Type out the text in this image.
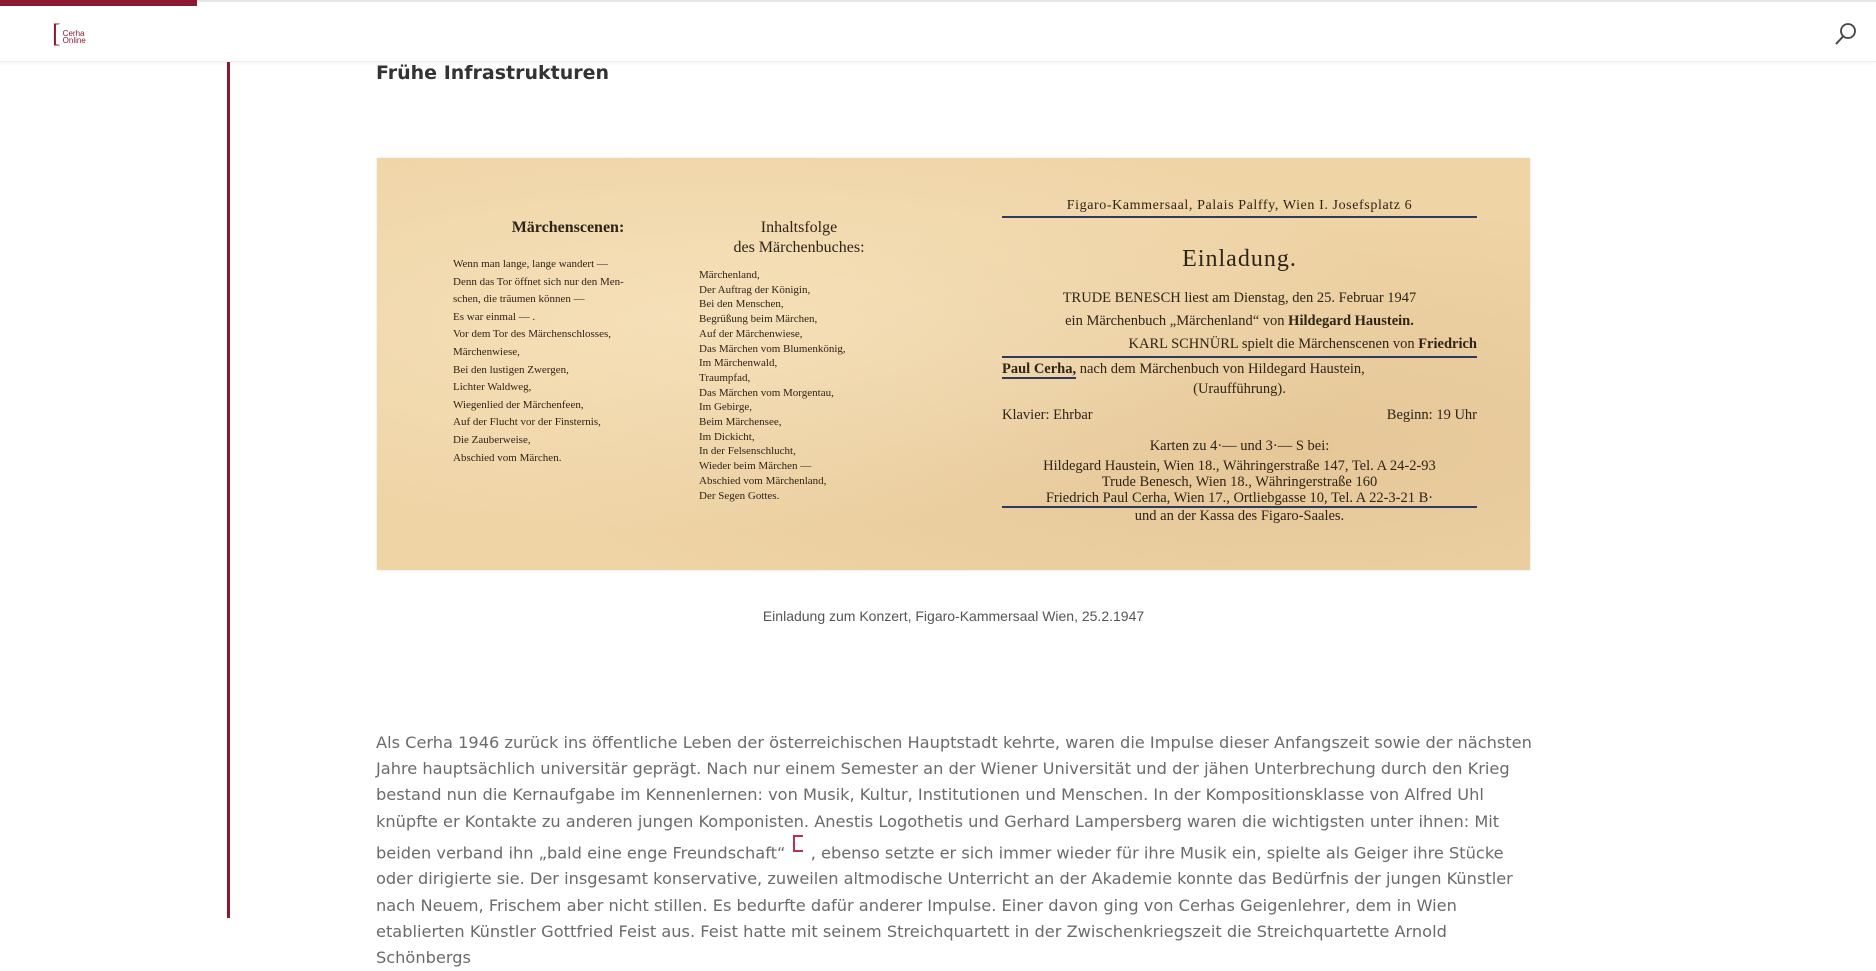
[ Cerha
Online
Frühe Infrastrukturen
Märchenscenen:
Wenn man lange, lange wandert —
Denn das Tor öffnet sich nur den Men-
schen, die träumen können —
Es war einmal — .
Vor dem Tor des Märchenschlosses,
Märchenwiese,
Bei den lustigen Zwergen,
Lichter Waldweg,
Wiegenlied der Märchenfeen,
Auf der Flucht vor der Finsternis,
Die Zauberweise,
Abschied vom Märchen.
Inhaltsfolge
des Märchenbuches:
Märchenland,
Der Auftrag der Königin,
Bei den Menschen,
Begrüßung beim Märchen,
Auf der Märchenwiese,
Das Märchen vom Blumenkönig,
Im Märchenwald,
Traumpfad,
Das Märchen vom Morgentau,
Im Gebirge,
Beim Märchensee,
Im Dickicht,
In der Felsenschlucht,
Wieder beim Märchen —
Abschied vom Märchenland,
Der Segen Gottes.
Figaro-Kammersaal, Palais Palffy, Wien I. Josefsplatz 6
Einladung.
TRUDE BENESCH liest am Dienstag, den 25. Februar 1947
ein Märchenbuch „Märchenland“ von Hildegard Haustein.
KARL SCHNÜRL spielt die Märchenscenen von Friedrich
Paul Cerha, nach dem Märchenbuch von Hildegard Haustein,
(Uraufführung).
Klavier: Ehrbar	Beginn: 19 Uhr
Karten zu 4·— und 3·— S bei:
Hildegard Haustein, Wien 18., Währingerstraße 147, Tel. A 24-2-93
Trude Benesch, Wien 18., Währingerstraße 160
Friedrich Paul Cerha, Wien 17., Ortliebgasse 10, Tel. A 22-3-21 B·
und an der Kassa des Figaro-Saales.
Einladung zum Konzert, Figaro-Kammersaal Wien, 25.2.1947
Als Cerha 1946 zurück ins öffentliche Leben der österreichischen Hauptstadt kehrte, waren die Impulse dieser Anfangszeit sowie der nächsten Jahre hauptsächlich universitär geprägt. Nach nur einem Semester an der Wiener Universität und der jähen Unterbrechung durch den Krieg bestand nun die Kernaufgabe im Kennenlernen: von Musik, Kultur, Institutionen und Menschen. In der Kompositionsklasse von Alfred Uhl knüpfte er Kontakte zu anderen jungen Komponisten. Anestis Logothetis und Gerhard Lampersberg waren die wichtigsten unter ihnen: Mit beiden verband ihn „bald eine enge Freundschaft“ , ebenso setzte er sich immer wieder für ihre Musik ein, spielte als Geiger ihre Stücke oder dirigierte sie. Der insgesamt konservative, zuweilen altmodische Unterricht an der Akademie konnte das Bedürfnis der jungen Künstler nach Neuem, Frischem aber nicht stillen. Es bedurfte dafür anderer Impulse. Einer davon ging von Cerhas Geigenlehrer, dem in Wien etablierten Künstler Gottfried Feist aus. Feist hatte mit seinem Streichquartett in der Zwischenkriegszeit die Streichquartette Arnold Schönbergs
